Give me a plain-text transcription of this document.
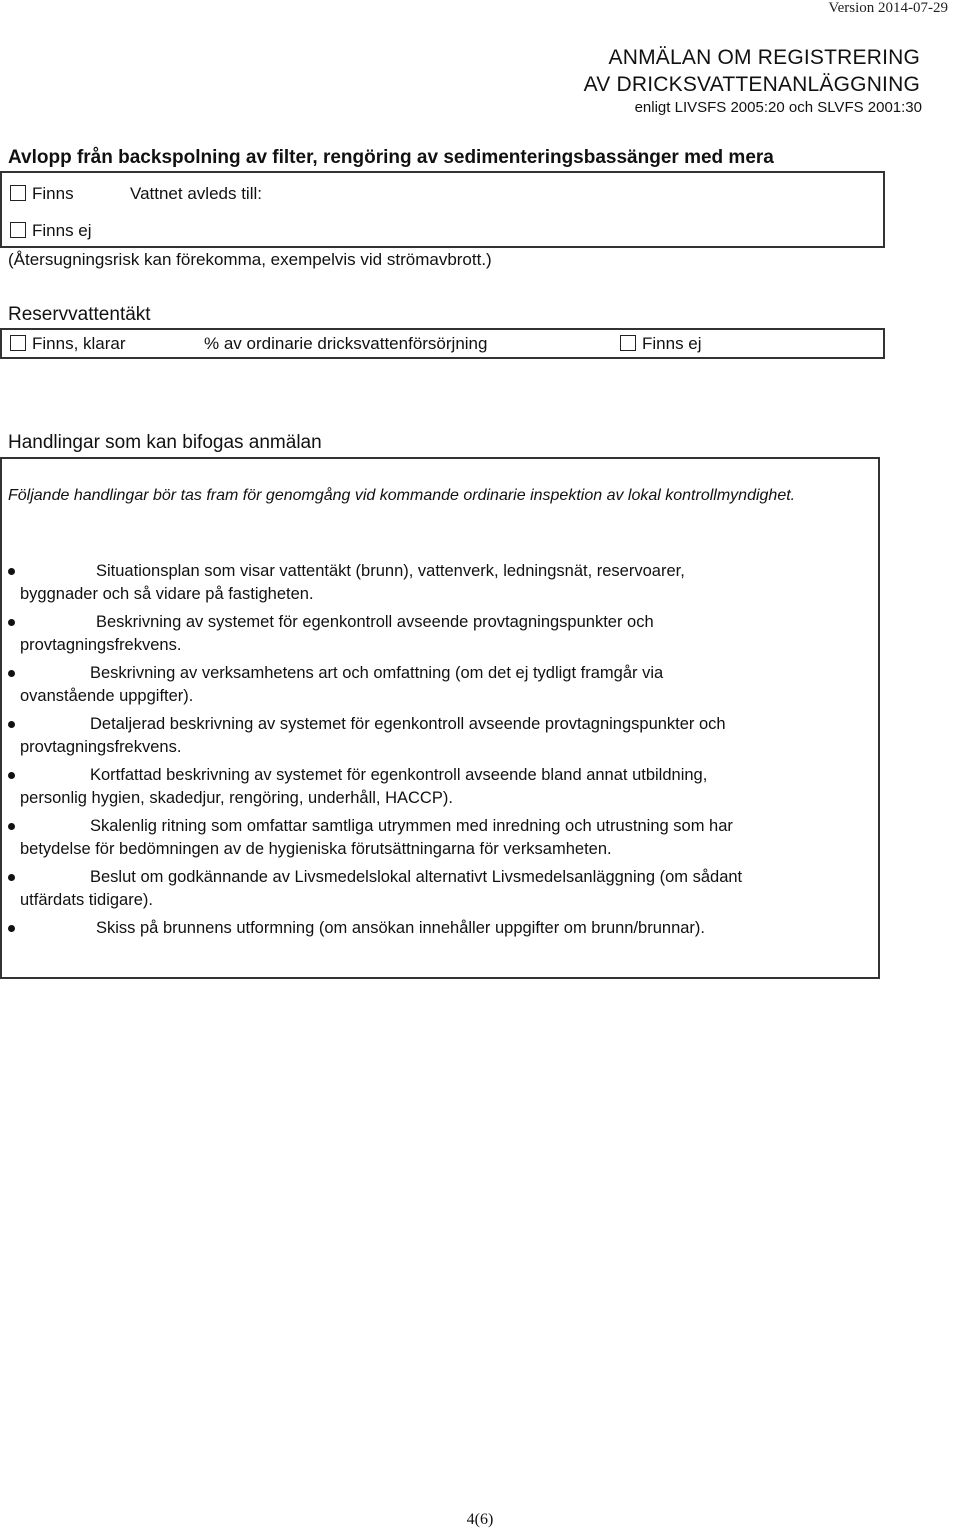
Version 2014-07-29
ANMÄLAN OM REGISTRERING
AV DRICKSVATTENANLÄGGNING
enligt LIVSFS 2005:20 och SLVFS 2001:30
Avlopp från backspolning av filter, rengöring av sedimenteringsbassänger med mera
Finns	Vattnet avleds till:
Finns ej
(Återsugningsrisk kan förekomma, exempelvis vid strömavbrott.)
Reservvattentäkt
Finns, klarar	% av ordinarie dricksvattenförsörjning	Finns ej
Handlingar som kan bifogas anmälan
Följande handlingar bör tas fram för genomgång vid kommande ordinarie inspektion av lokal kontrollmyndighet.
Situationsplan som visar vattentäkt (brunn), vattenverk, ledningsnät, reservoarer,
byggnader och så vidare på fastigheten.
Beskrivning av systemet för egenkontroll avseende provtagningspunkter och
provtagningsfrekvens.
Beskrivning av verksamhetens art och omfattning (om det ej tydligt framgår via
ovanstående uppgifter).
Detaljerad beskrivning av systemet för egenkontroll avseende provtagningspunkter och
provtagningsfrekvens.
Kortfattad beskrivning av systemet för egenkontroll avseende bland annat utbildning,
personlig hygien, skadedjur, rengöring, underhåll, HACCP).
Skalenlig ritning som omfattar samtliga utrymmen med inredning och utrustning som har
betydelse för bedömningen av de hygieniska förutsättningarna för verksamheten.
Beslut om godkännande av Livsmedelslokal alternativt Livsmedelsanläggning (om sådant
utfärdats tidigare).
Skiss på brunnens utformning (om ansökan innehåller uppgifter om brunn/brunnar).
4(6)
